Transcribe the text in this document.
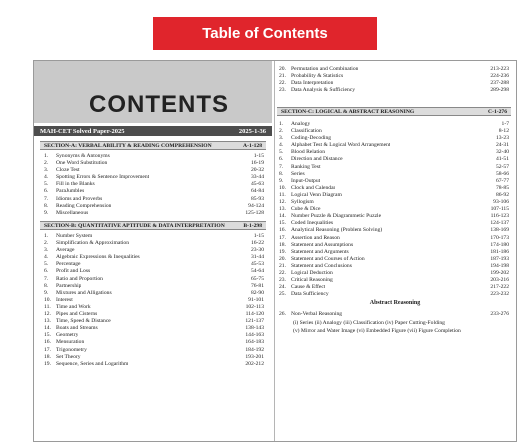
Table of Contents
CONTENTS
MAH-CET Solved Paper-2025	2025-1-36
SECTION-A: VERBAL ABILITY & READING COMPREHENSION	A-1-128
1. Synonyms & Antonyms	1-15
2. One Word Substitution	16-19
3. Cloze Test	20-32
4. Spotting Errors & Sentence Improvement	33-44
5. Fill in the Blanks	45-63
6. ParaJumbles	64-84
7. Idioms and Proverbs	85-93
8. Reading Comprehension	94-124
9. Miscellaneous	125-128
SECTION-B: QUANTITATIVE APTITUDE & DATA INTERPRETATION	B-1-298
1. Number System	1-15
2. Simplification & Approximation	16-22
3. Average	23-30
4. Algebraic Expressions & Inequalities	31-44
5. Percentage	45-53
6. Profit and Loss	54-64
7. Ratio and Proportion	65-75
8. Partnership	76-81
9. Mixtures and Alligations	82-90
10. Interest	91-101
11. Time and Work	102-113
12. Pipes and Cisterns	114-120
13. Time, Speed & Distance	121-137
14. Boats and Streams	138-143
15. Geometry	144-163
16. Mensuration	164-183
17. Trigonometry	184-192
18. Set Theory	193-201
19. Sequence, Series and Logarithm	202-212
20. Permutation and Combination	213-223
21. Probability & Statistics	224-236
22. Data Interpretation	237-288
23. Data Analysis & Sufficiency	289-298
SECTION-C: LOGICAL & ABSTRACT REASONING	C-1-276
1. Analogy	1-7
2. Classification	8-12
3. Coding-Decoding	13-23
4. Alphabet Test & Logical Word Arrangement	24-31
5. Blood Relation	32-40
6. Direction and Distance	41-51
7. Ranking Test	52-57
8. Series	58-66
9. Input-Output	67-77
10. Clock and Calendar	78-85
11. Logical Venn Diagram	86-92
12. Syllogism	93-106
13. Cube & Dice	107-115
14. Number Puzzle & Diagrammetic Puzzle	116-123
15. Coded Inequalities	124-137
16. Analytical Reasoning (Problem Solving)	138-169
17. Assertion and Reason	170-173
18. Statement and Assumptions	174-180
19. Statement and Arguments	181-186
20. Statement and Courses of Action	187-193
21. Statement and Conclusions	194-198
22. Logical Deduction	199-202
23. Critical Reasoning	203-216
24. Cause & Effect	217-222
25. Data Sufficiency	223-232
Abstract Reasoning
26. Non-Verbal Reasoning	233-276
(i) Series (ii) Analogy (iii) Classification (iv) Paper Cutting-Folding
(v) Mirror and Water Image (vi) Embedded Figure (vii) Figure Completion
